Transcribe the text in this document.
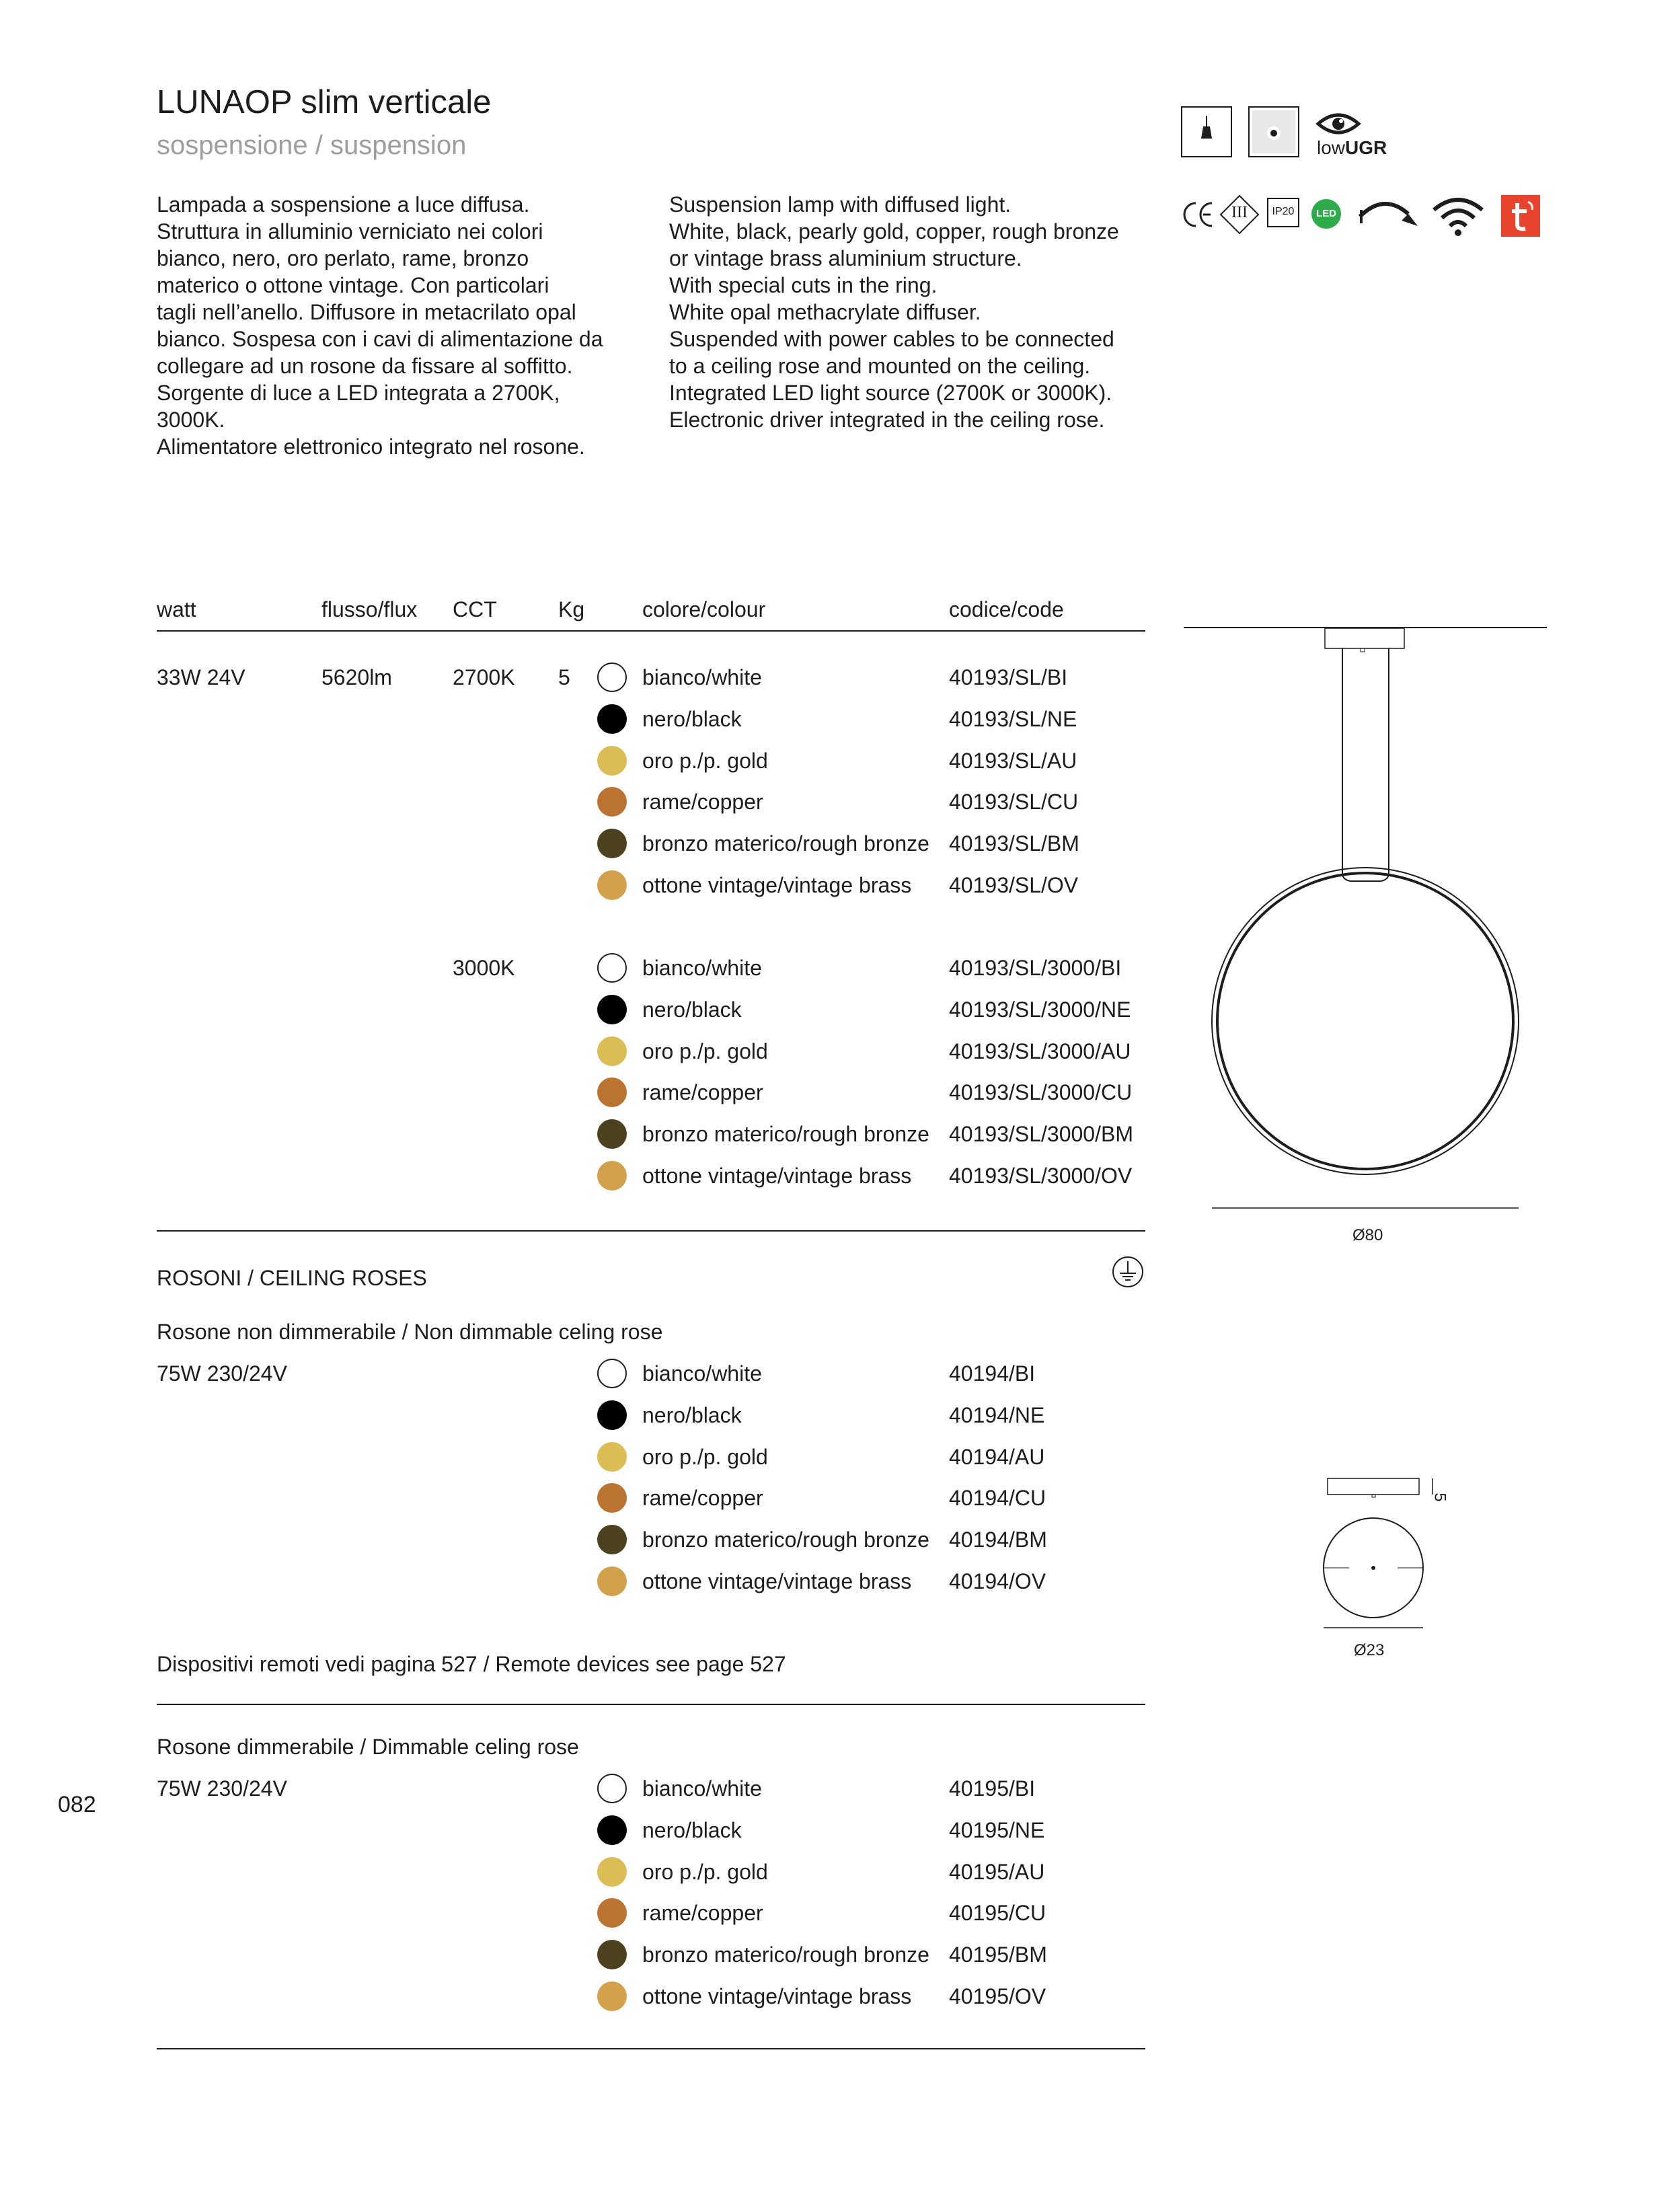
LUNAOP slim verticale
sospensione / suspension
Lampada a sospensione a luce diffusa.
Struttura in alluminio verniciato nei colori
bianco, nero, oro perlato, rame, bronzo
materico o ottone vintage. Con particolari
tagli nell’anello. Diffusore in metacrilato opal
bianco. Sospesa con i cavi di alimentazione da
collegare ad un rosone da fissare al soffitto.
Sorgente di luce a LED integrata a 2700K,
3000K.
Alimentatore elettronico integrato nel rosone.
Suspension lamp with diffused light.
White, black, pearly gold, copper, rough bronze
or vintage brass aluminium structure.
With special cuts in the ring.
White opal methacrylate diffuser.
Suspended with power cables to be connected
to a ceiling rose and mounted on the ceiling.
Integrated LED light source (2700K or 3000K).
Electronic driver integrated in the ceiling rose.
lowUGR
III	IP20	LED
watt	flusso/flux CCT	Kg	colore/colour	codice/code
33W 24V	5620lm	2700K 5	bianco/white	40193/SL/BI
nero/black	40193/SL/NE
oro p./p. gold	40193/SL/AU
rame/copper	40193/SL/CU
bronzo materico/rough bronze 40193/SL/BM
ottone vintage/vintage brass 40193/SL/OV
3000K	bianco/white	40193/SL/3000/BI
nero/black	40193/SL/3000/NE
oro p./p. gold	40193/SL/3000/AU
rame/copper	40193/SL/3000/CU
bronzo materico/rough bronze 40193/SL/3000/BM
ottone vintage/vintage brass 40193/SL/3000/OV
ROSONI / CEILING ROSES
Rosone non dimmerabile / Non dimmable celing rose
75W 230/24V	bianco/white	40194/BI
nero/black	40194/NE
oro p./p. gold	40194/AU
rame/copper	40194/CU
bronzo materico/rough bronze 40194/BM
ottone vintage/vintage brass 40194/OV
Dispositivi remoti vedi pagina 527 / Remote devices see page 527
Rosone dimmerabile / Dimmable celing rose
75W 230/24V	bianco/white	40195/BI
nero/black	40195/NE
oro p./p. gold	40195/AU
rame/copper	40195/CU
bronzo materico/rough bronze 40195/BM
ottone vintage/vintage brass 40195/OV
082
Ø80
5
Ø23
